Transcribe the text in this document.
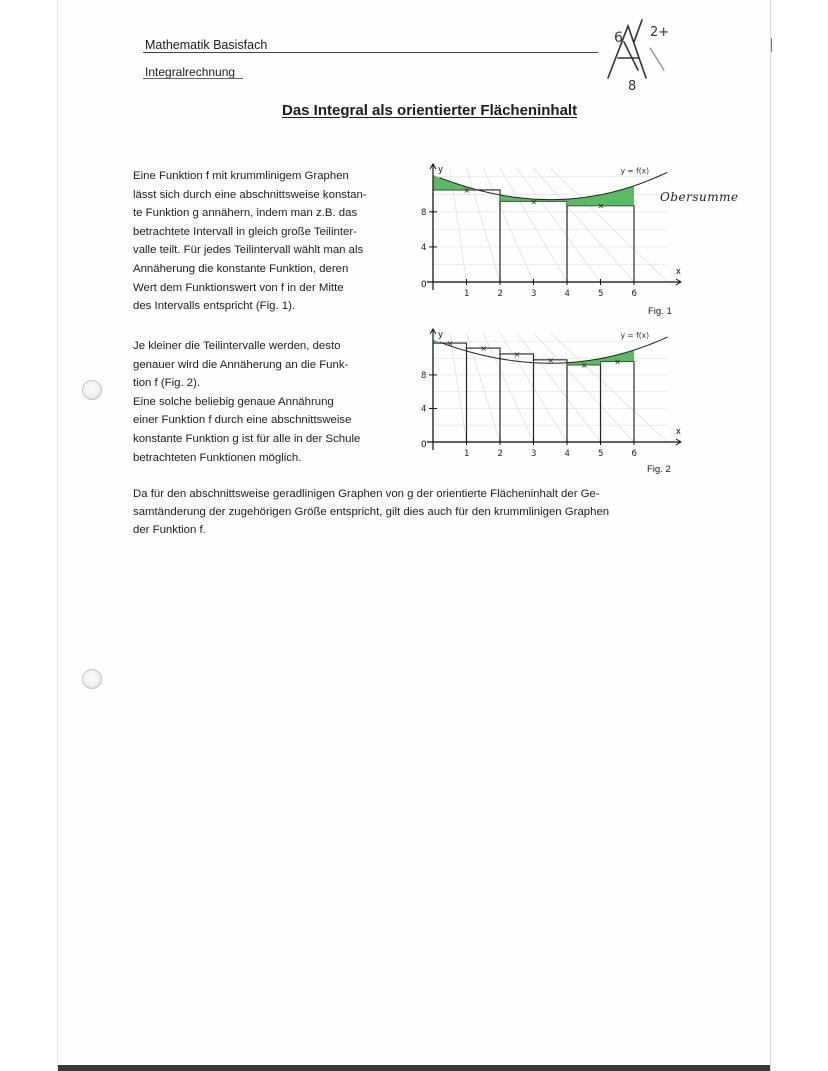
Mathematik Basisfach
Integralrechnung
6 2+
8
Das Integral als orientierter Flächeninhalt
Eine Funktion f mit krummlinigem Graphen
lässt sich durch eine abschnittsweise konstan-
te Funktion g annähern, indem man z.B. das
betrachtete Intervall in gleich große Teilinter-
valle teilt. Für jedes Teilintervall wählt man als
Annäherung die konstante Funktion, deren
Wert dem Funktionswert von f in der Mitte
des Intervalls entspricht (Fig. 1).
Je kleiner die Teilintervalle werden, desto
genauer wird die Annäherung an die Funk-
tion f (Fig. 2).
Eine solche beliebig genaue Annährung
einer Funktion f durch eine abschnittsweise
konstante Funktion g ist für alle in der Schule
betrachteten Funktionen möglich.
Da für den abschnittsweise geradlinigen Graphen von g der orientierte Flächeninhalt der Ge-
samtänderung der zugehörigen Größe entspricht, gilt dies auch für den krummlinigen Graphen
der Funktion f.
×
×	×
1	2	3	4	5	6
4
8
0
x
y	y = f(x)
×
×
×
×
×	×
1	2	3	4	5	6
4
8
0
x
y	y = f(x)
Fig. 1
Fig. 2
Obersumme
